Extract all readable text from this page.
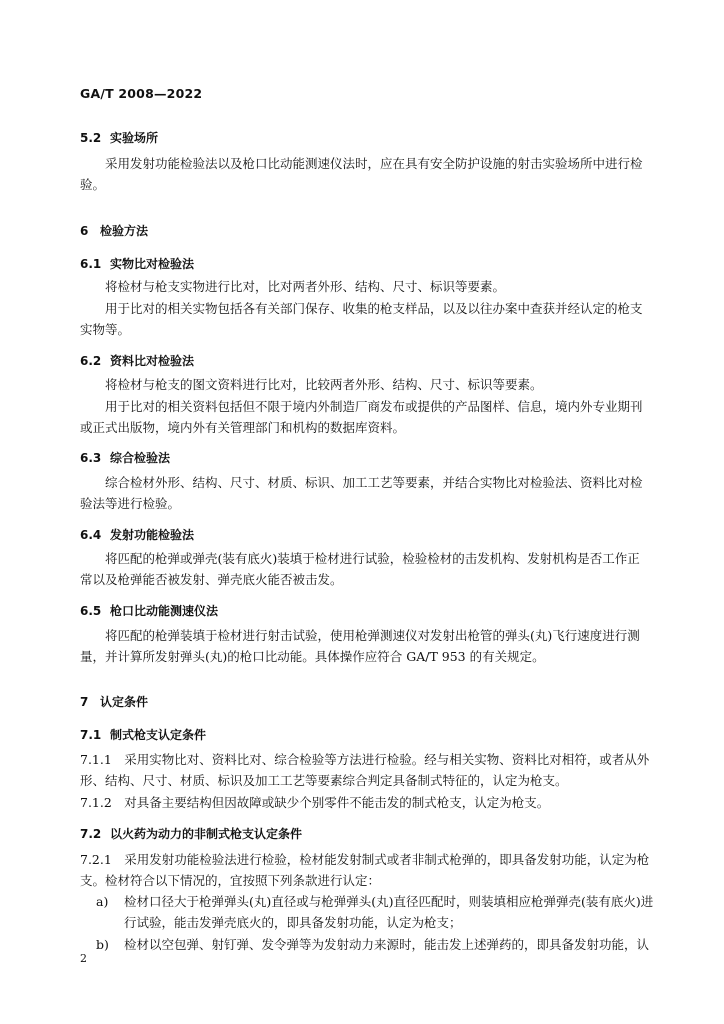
GA/T 2008—2022
5.2 实验场所
采用发射功能检验法以及枪口比动能测速仪法时，应在具有安全防护设施的射击实验场所中进行检验。
6 检验方法
6.1 实物比对检验法
将检材与枪支实物进行比对，比对两者外形、结构、尺寸、标识等要素。
用于比对的相关实物包括各有关部门保存、收集的枪支样品，以及以往办案中查获并经认定的枪支实物等。
6.2 资料比对检验法
将检材与枪支的图文资料进行比对，比较两者外形、结构、尺寸、标识等要素。
用于比对的相关资料包括但不限于境内外制造厂商发布或提供的产品图样、信息，境内外专业期刊或正式出版物，境内外有关管理部门和机构的数据库资料。
6.3 综合检验法
综合检材外形、结构、尺寸、材质、标识、加工工艺等要素，并结合实物比对检验法、资料比对检验法等进行检验。
6.4 发射功能检验法
将匹配的枪弹或弹壳(装有底火)装填于检材进行试验，检验检材的击发机构、发射机构是否工作正常以及枪弹能否被发射、弹壳底火能否被击发。
6.5 枪口比动能测速仪法
将匹配的枪弹装填于检材进行射击试验，使用枪弹测速仪对发射出枪管的弹头(丸)飞行速度进行测量，并计算所发射弹头(丸)的枪口比动能。具体操作应符合 GA/T 953 的有关规定。
7 认定条件
7.1 制式枪支认定条件
7.1.1　采用实物比对、资料比对、综合检验等方法进行检验。经与相关实物、资料比对相符，或者从外形、结构、尺寸、材质、标识及加工工艺等要素综合判定具备制式特征的，认定为枪支。
7.1.2　对具备主要结构但因故障或缺少个别零件不能击发的制式枪支，认定为枪支。
7.2 以火药为动力的非制式枪支认定条件
7.2.1　采用发射功能检验法进行检验，检材能发射制式或者非制式枪弹的，即具备发射功能，认定为枪支。检材符合以下情况的，宜按照下列条款进行认定：
a) 检材口径大于枪弹弹头(丸)直径或与枪弹弹头(丸)直径匹配时，则装填相应枪弹弹壳(装有底火)进行试验，能击发弹壳底火的，即具备发射功能，认定为枪支；
b) 检材以空包弹、射钉弹、发令弹等为发射动力来源时，能击发上述弹药的，即具备发射功能，认
2
